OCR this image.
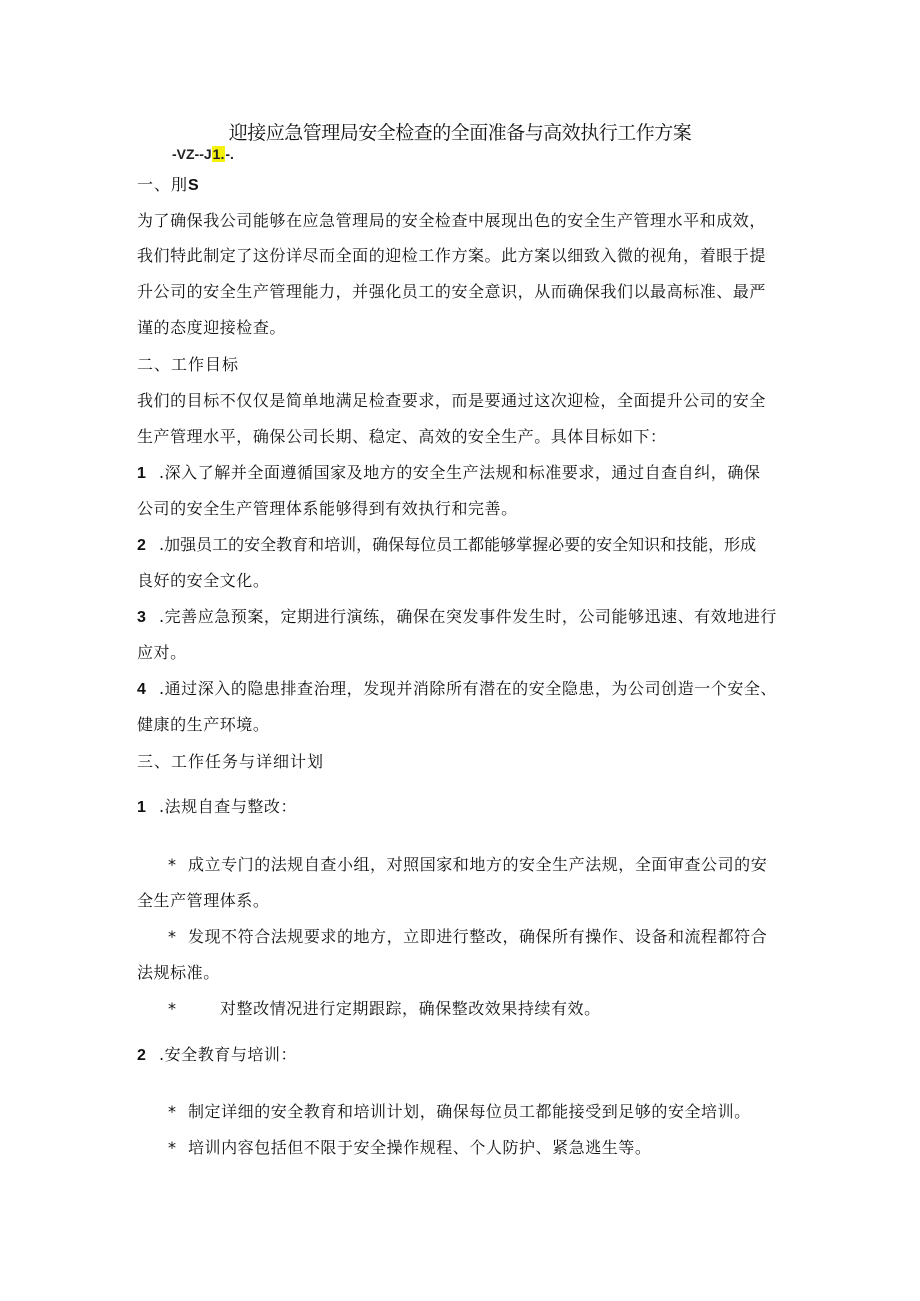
迎接应急管理局安全检查的全面准备与高效执行工作方案
-VZ--J1.-.
一、刖S
为了确保我公司能够在应急管理局的安全检查中展现出色的安全生产管理水平和成效，
我们特此制定了这份详尽而全面的迎检工作方案。此方案以细致入微的视角，着眼于提
升公司的安全生产管理能力，并强化员工的安全意识，从而确保我们以最高标准、最严
谨的态度迎接检查。
二、工作目标
我们的目标不仅仅是简单地满足检查要求，而是要通过这次迎检，全面提升公司的安全
生产管理水平，确保公司长期、稳定、高效的安全生产。具体目标如下：
1 .深入了解并全面遵循国家及地方的安全生产法规和标准要求，通过自查自纠，确保
公司的安全生产管理体系能够得到有效执行和完善。
2 .加强员工的安全教育和培训，确保每位员工都能够掌握必要的安全知识和技能，形成
良好的安全文化。
3 .完善应急预案，定期进行演练，确保在突发事件发生时，公司能够迅速、有效地进行
应对。
4 .通过深入的隐患排查治理，发现并消除所有潜在的安全隐患，为公司创造一个安全、
健康的生产环境。
三、工作任务与详细计划
1 .法规自查与整改：
* 成立专门的法规自查小组，对照国家和地方的安全生产法规，全面审查公司的安
全生产管理体系。
* 发现不符合法规要求的地方，立即进行整改，确保所有操作、设备和流程都符合
法规标准。
*	对整改情况进行定期跟踪，确保整改效果持续有效。
2 .安全教育与培训：
* 制定详细的安全教育和培训计划，确保每位员工都能接受到足够的安全培训。
* 培训内容包括但不限于安全操作规程、个人防护、紧急逃生等。
